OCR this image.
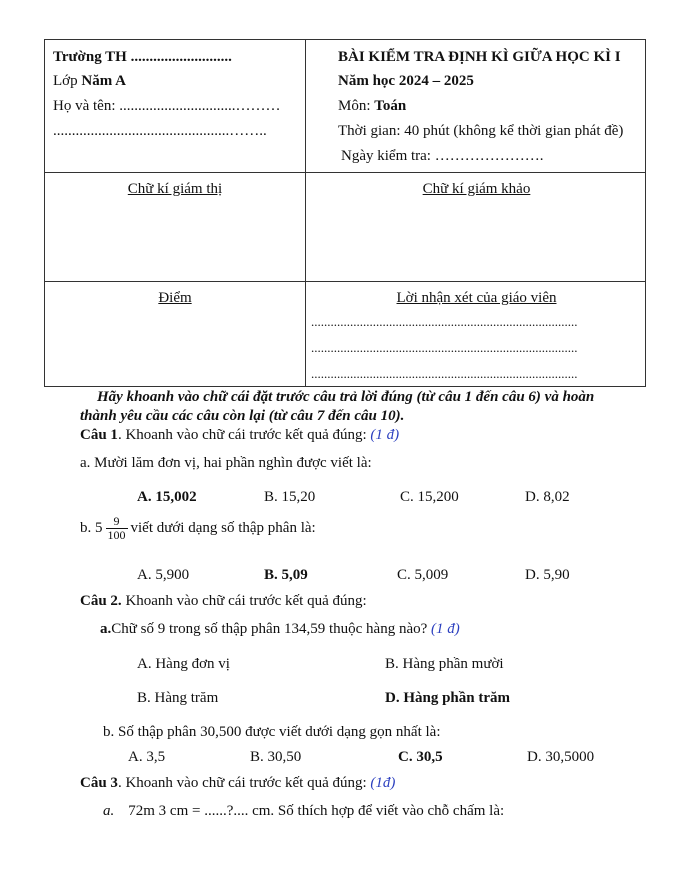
Trường TH ...........................
Lớp Năm A
Họ và tên: ...............................………
...............................................……..
BÀI KIỂM TRA ĐỊNH KÌ GIỮA HỌC KÌ I
Năm học 2024 – 2025
Môn: Toán
Thời gian: 40 phút (không kể thời gian phát đề)
Ngày kiểm tra: ………………….
Chữ kí giám thị	Chữ kí giám khảo
Điểm	Lời nhận xét của giáo viên
..................................................................................
..................................................................................
..................................................................................
Hãy khoanh vào chữ cái đặt trước câu trả lời đúng (từ câu 1 đến câu 6) và hoàn
thành yêu cầu các câu còn lại (từ câu 7 đến câu 10).
Câu 1. Khoanh vào chữ cái trước kết quả đúng: (1 đ)
a. Mười lăm đơn vị, hai phần nghìn được viết là:
A. 15,002	B. 15,20	C. 15,200	D. 8,02
b. $5 \frac{9}{100}$ viết dưới dạng số thập phân là:
A. 5,900	B. 5,09	C. 5,009	D. 5,90
Câu 2. Khoanh vào chữ cái trước kết quả đúng:
a.Chữ số 9 trong số thập phân 134,59 thuộc hàng nào? (1 đ)
A. Hàng đơn vị	B. Hàng phần mười
B. Hàng trăm	D. Hàng phần trăm
b. Số thập phân 30,500 được viết dưới dạng gọn nhất là:
A. 3,5	B. 30,50	C. 30,5	D. 30,5000
Câu 3. Khoanh vào chữ cái trước kết quả đúng: (1đ)
a. 72m 3 cm = ......?.... cm. Số thích hợp để viết vào chỗ chấm là:
